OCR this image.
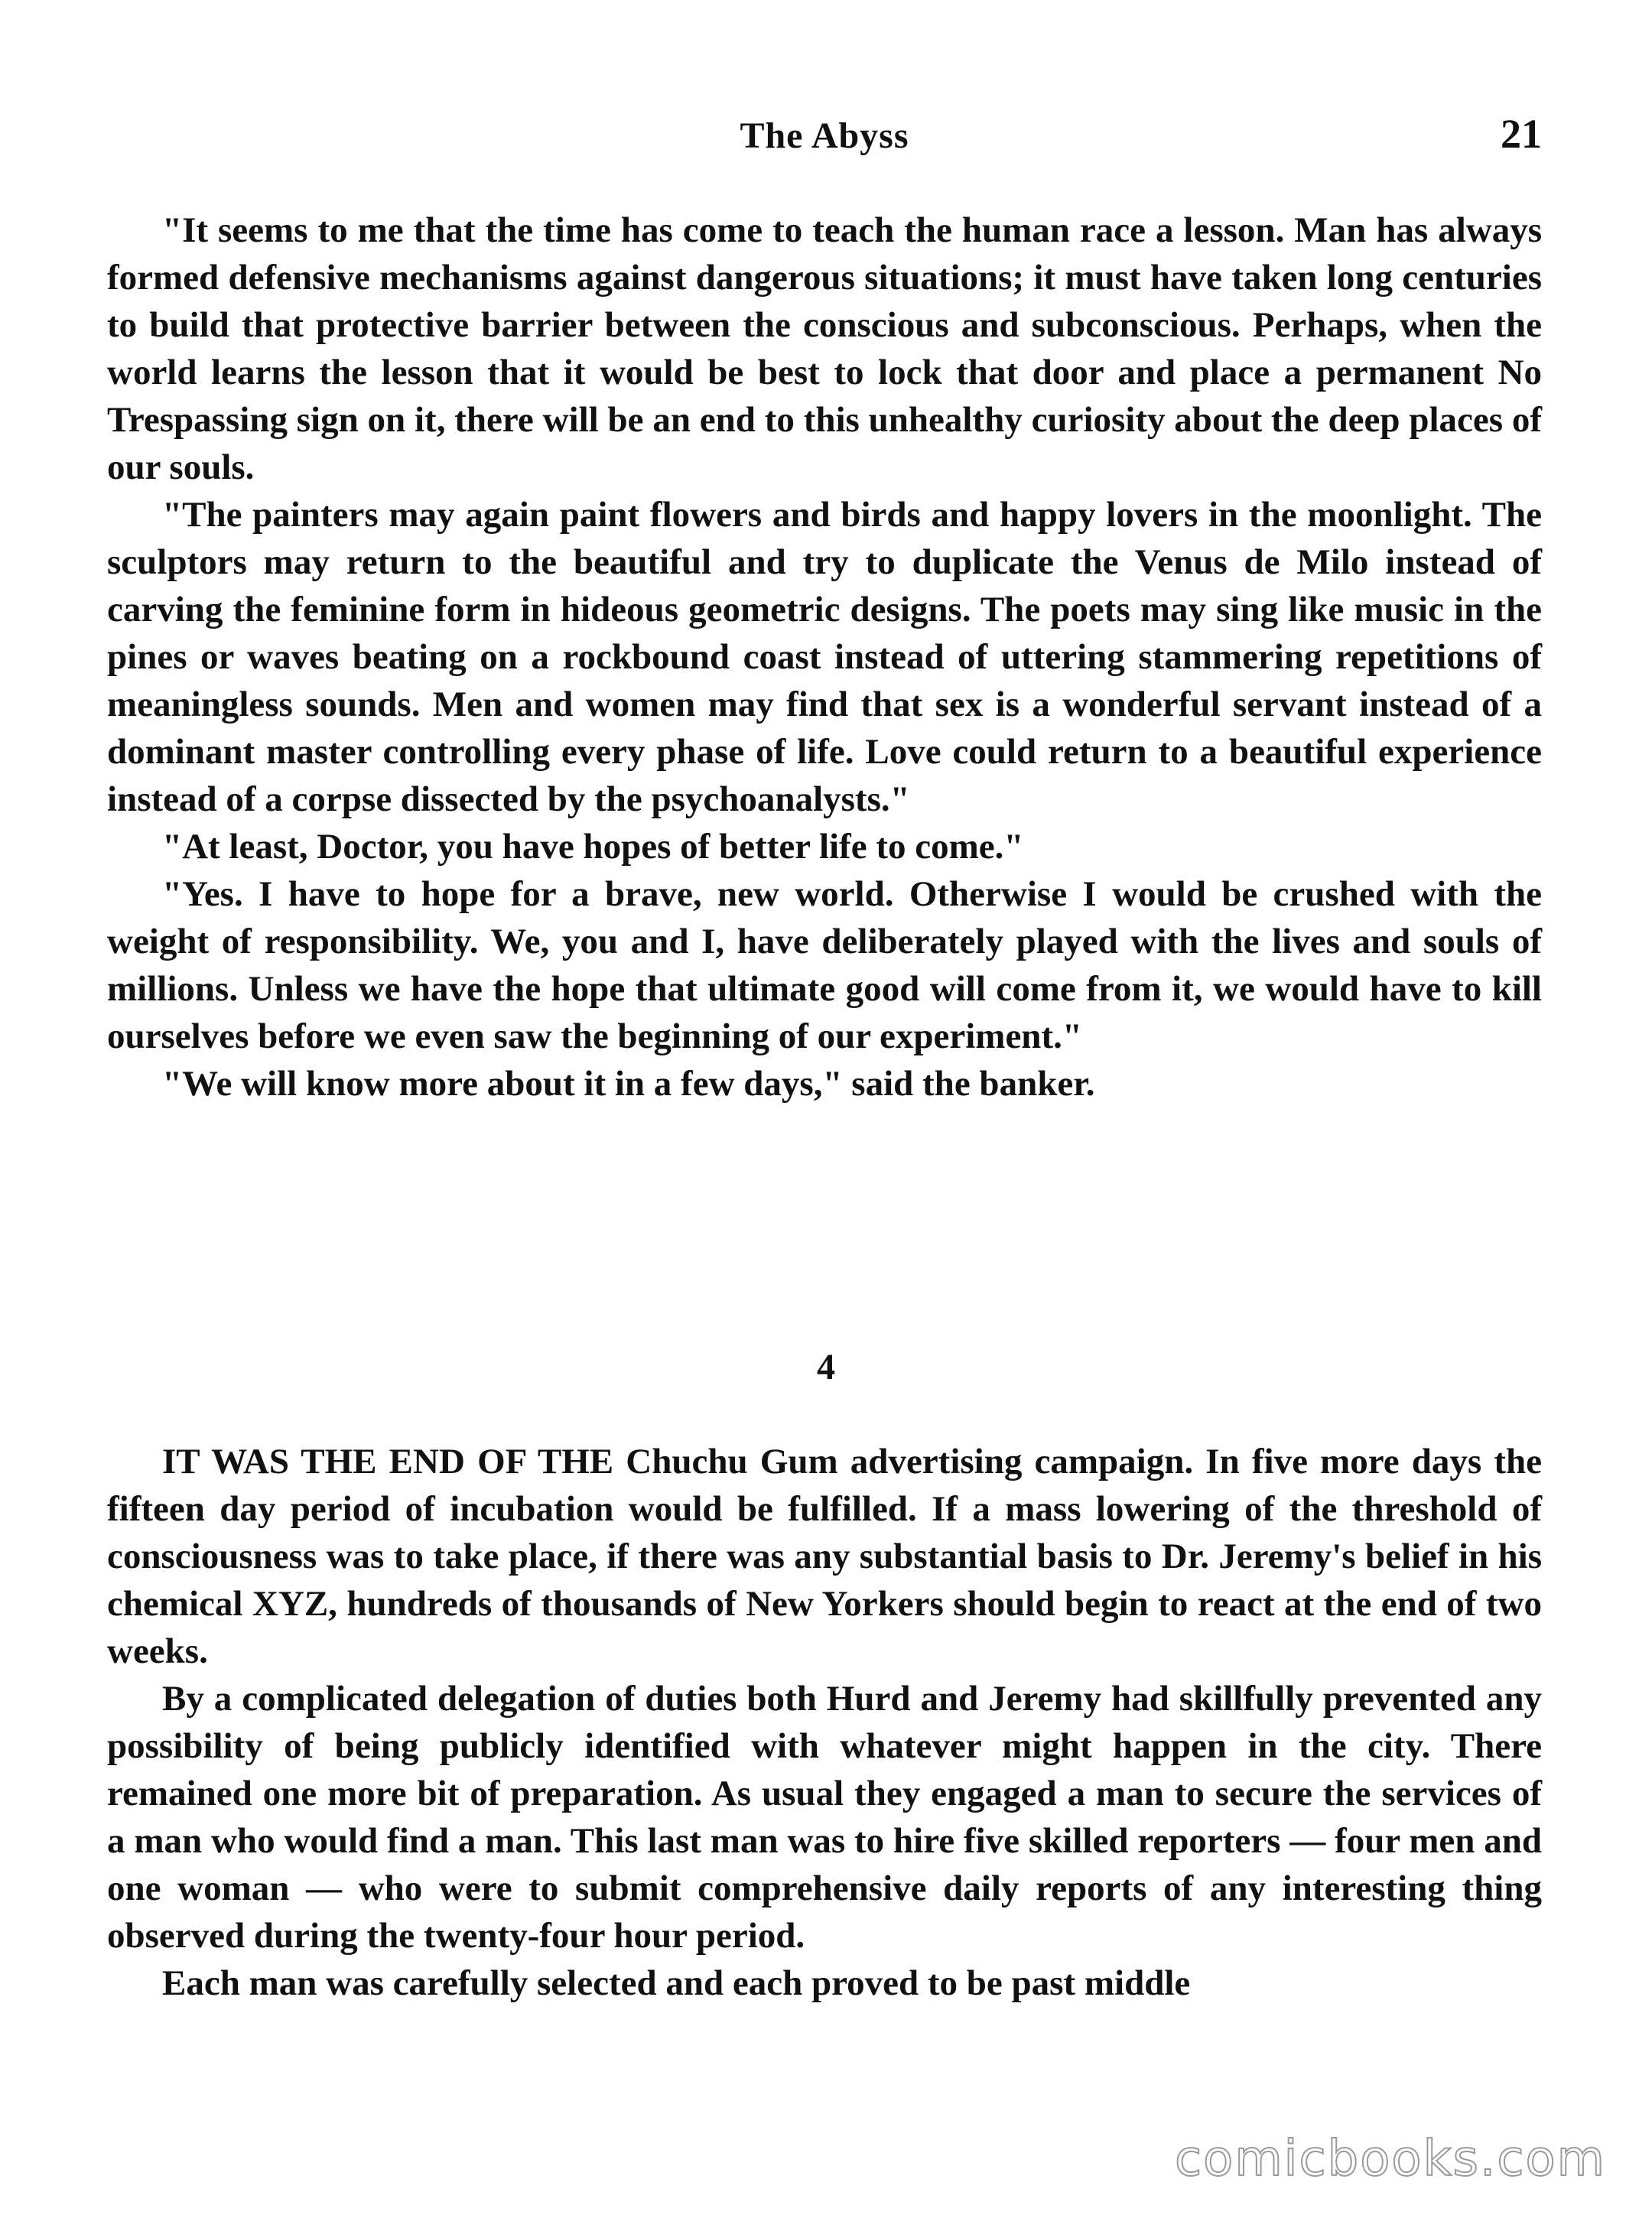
The Abyss	21

"It seems to me that the time has come to teach the human race a lesson. Man has always formed defensive mechanisms against dangerous situations; it must have taken long centuries to build that protective barrier between the conscious and subconscious. Perhaps, when the world learns the lesson that it would be best to lock that door and place a permanent No Trespassing sign on it, there will be an end to this unhealthy curiosity about the deep places of our souls.

"The painters may again paint flowers and birds and happy lovers in the moonlight. The sculptors may return to the beautiful and try to duplicate the Venus de Milo instead of carving the feminine form in hideous geometric designs. The poets may sing like music in the pines or waves beating on a rockbound coast instead of uttering stammering repetitions of meaningless sounds. Men and women may find that sex is a wonderful servant instead of a dominant master controlling every phase of life. Love could return to a beautiful experience instead of a corpse dissected by the psychoanalysts."

"At least, Doctor, you have hopes of better life to come."

"Yes. I have to hope for a brave, new world. Otherwise I would be crushed with the weight of responsibility. We, you and I, have deliberately played with the lives and souls of millions. Unless we have the hope that ultimate good will come from it, we would have to kill ourselves before we even saw the beginning of our experiment."

"We will know more about it in a few days," said the banker.

4

IT WAS THE END OF THE Chuchu Gum advertising campaign. In five more days the fifteen day period of incubation would be fulfilled. If a mass lowering of the threshold of consciousness was to take place, if there was any substantial basis to Dr. Jeremy's belief in his chemical XYZ, hundreds of thousands of New Yorkers should begin to react at the end of two weeks.

By a complicated delegation of duties both Hurd and Jeremy had skillfully prevented any possibility of being publicly identified with whatever might happen in the city. There remained one more bit of preparation. As usual they engaged a man to secure the services of a man who would find a man. This last man was to hire five skilled reporters — four men and one woman — who were to submit comprehensive daily reports of any interesting thing observed during the twenty-four hour period.

Each man was carefully selected and each proved to be past middle

comicbooks.com
